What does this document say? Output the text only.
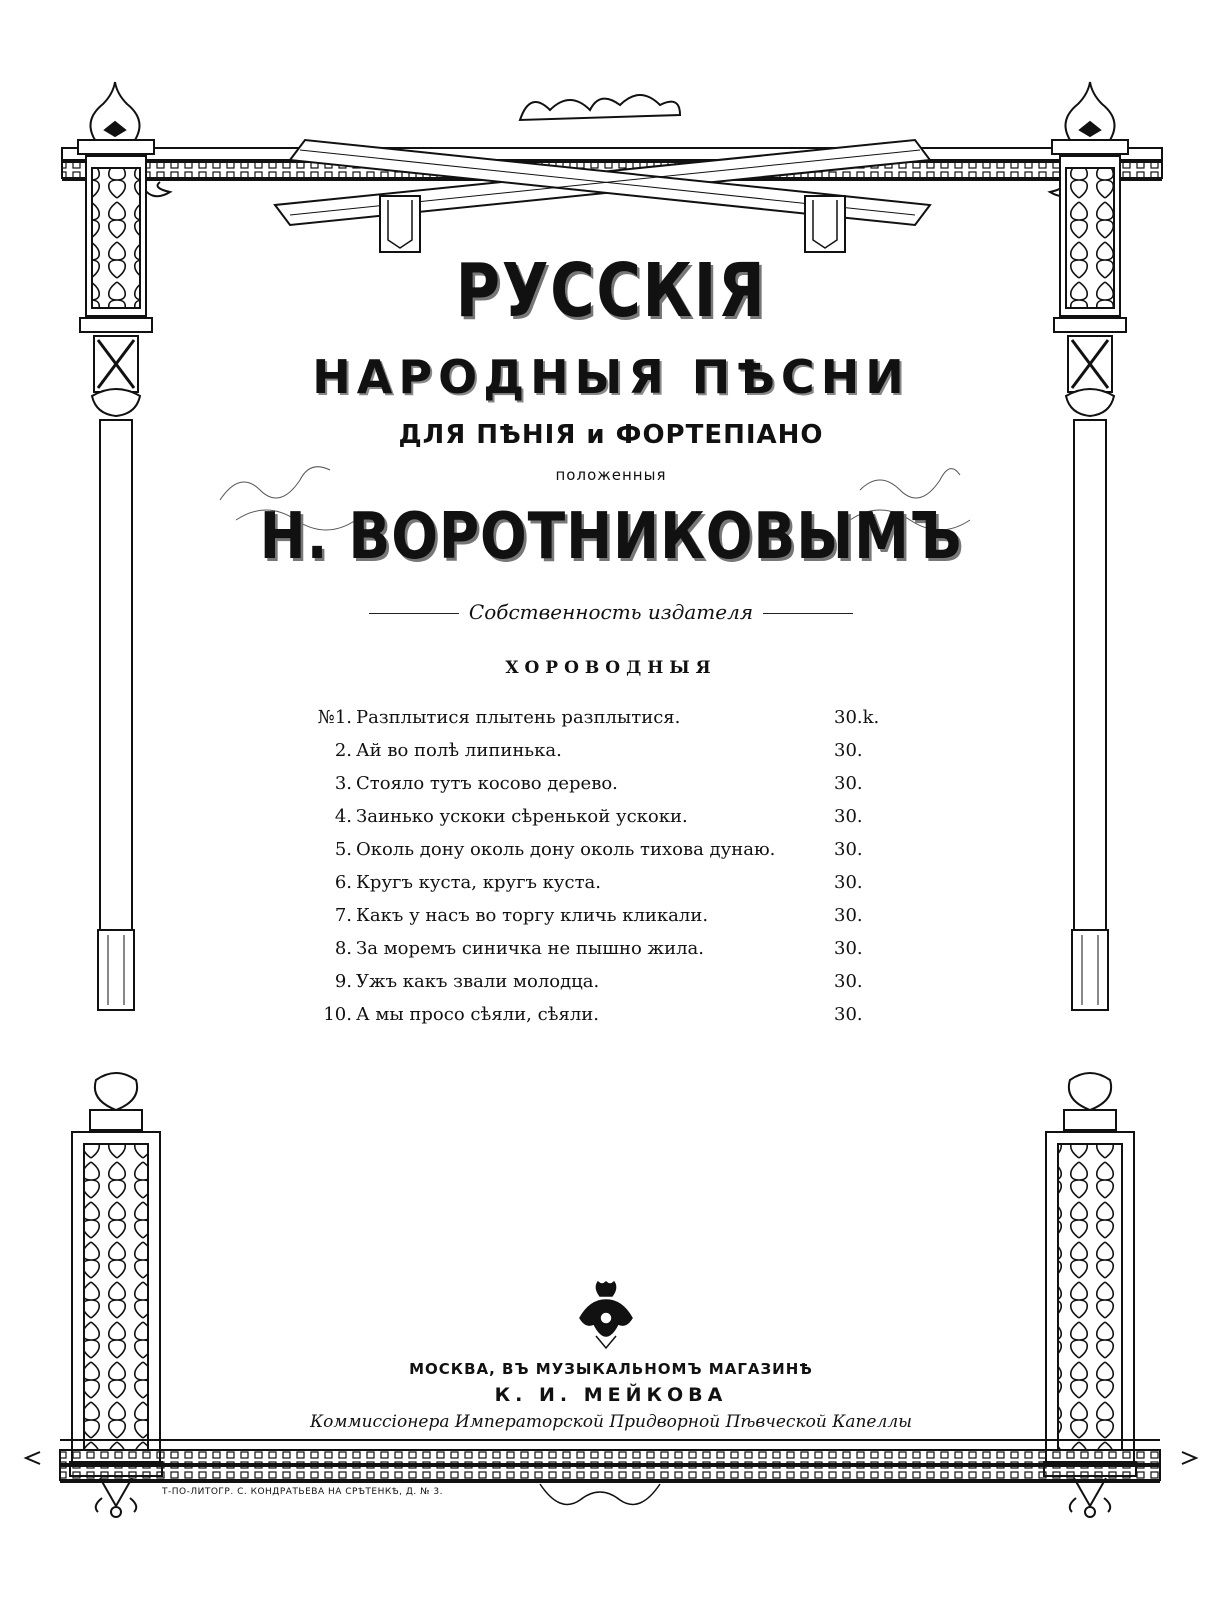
РУССКІЯ
НАРОДНЫЯ ПѢСНИ
ДЛЯ ПѢНІЯ и ФОРТЕПІАНО
положенныя
Н. ВОРОТНИКОВЫМЪ
Собственность издателя
ХОРОВОДНЫЯ
№1. Разплытися плытень разплытися.	30.k.
2. Ай во полѣ липинька.	30.
3. Стояло тутъ косово дерево.	30.
4. Заинько ускоки сѣренькой ускоки.	30.
5. Околь дону околь дону околь тихова дунаю.	30.
6. Кругъ куста, кругъ куста.	30.
7. Какъ у насъ во торгу кличь кликали.	30.
8. За моремъ синичка не пышно жила.	30.
9. Ужъ какъ звали молодца.	30.
10. А мы просо сѣяли, сѣяли.	30.
МОСКВА, ВЪ МУЗЫКАЛЬНОМЪ МАГАЗИНѢ
К. И. МЕЙКОВА
Коммиссіонера Императорской Придворной Пѣвческой Капеллы
Т-ПО-ЛИТОГР. С. КОНДРАТЬЕВА НА СРѢТЕНКѢ, Д. № 3.
